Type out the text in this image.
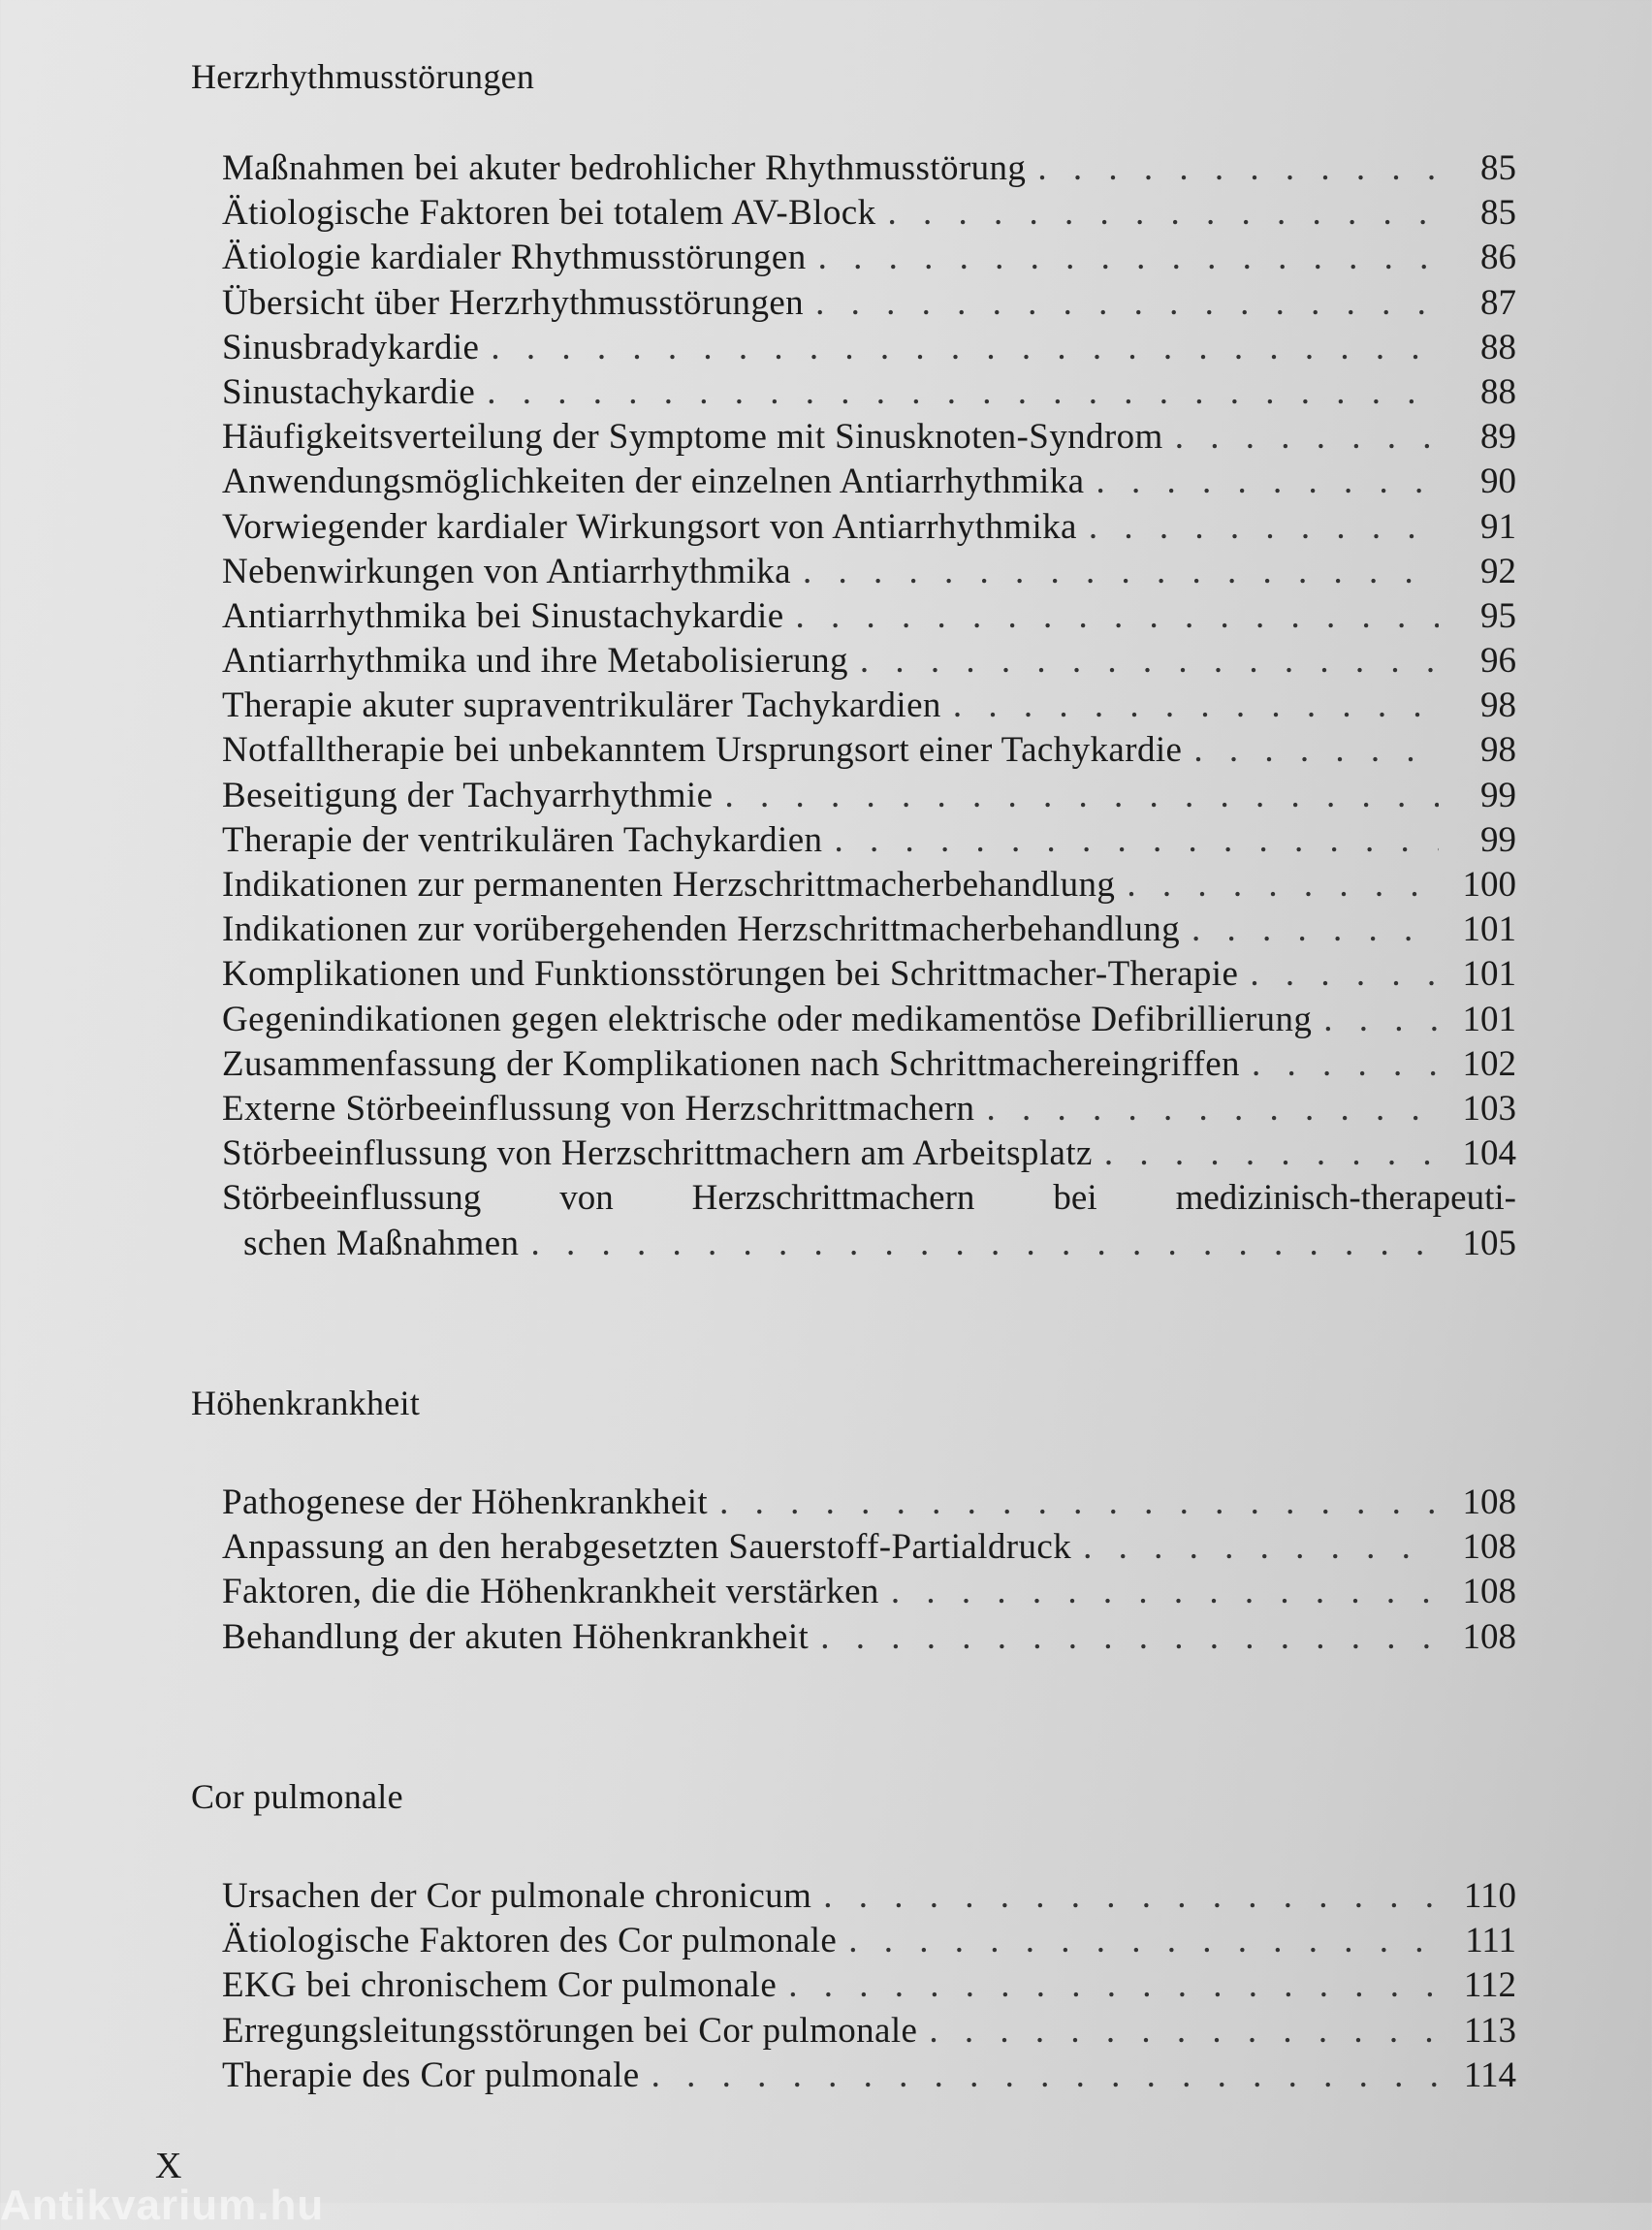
Herzrhythmusstörungen
Maßnahmen bei akuter bedrohlicher Rhythmusstörung . . .	85
Ätiologische Faktoren bei totalem AV-Block . . .	85
Ätiologie kardialer Rhythmusstörungen . . .	86
Übersicht über Herzrhythmusstörungen . . .	87
Sinusbradykardie . . .	88
Sinustachykardie . . .	88
Häufigkeitsverteilung der Symptome mit Sinusknoten-Syndrom . . .	89
Anwendungsmöglichkeiten der einzelnen Antiarrhythmika . . .	90
Vorwiegender kardialer Wirkungsort von Antiarrhythmika . . .	91
Nebenwirkungen von Antiarrhythmika . . .	92
Antiarrhythmika bei Sinustachykardie . . .	95
Antiarrhythmika und ihre Metabolisierung . . .	96
Therapie akuter supraventrikulärer Tachykardien . . .	98
Notfalltherapie bei unbekanntem Ursprungsort einer Tachykardie . . .	98
Beseitigung der Tachyarrhythmie . . .	99
Therapie der ventrikulären Tachykardien . . .	99
Indikationen zur permanenten Herzschrittmacherbehandlung . . .	100
Indikationen zur vorübergehenden Herzschrittmacherbehandlung . . .	101
Komplikationen und Funktionsstörungen bei Schrittmacher-Therapie . . .	101
Gegenindikationen gegen elektrische oder medikamentöse Defibrillierung . . .	101
Zusammenfassung der Komplikationen nach Schrittmachereingriffen . . .	102
Externe Störbeeinflussung von Herzschrittmachern . . .	103
Störbeeinflussung von Herzschrittmachern am Arbeitsplatz . . .	104
Störbeeinflussung von Herzschrittmachern bei medizinisch-therapeuti-
schen Maßnahmen . . .	105
Höhenkrankheit
Pathogenese der Höhenkrankheit . . .	108
Anpassung an den herabgesetzten Sauerstoff-Partialdruck . . .	108
Faktoren, die die Höhenkrankheit verstärken . . .	108
Behandlung der akuten Höhenkrankheit . . .	108
Cor pulmonale
Ursachen der Cor pulmonale chronicum . . .	110
Ätiologische Faktoren des Cor pulmonale . . .	111
EKG bei chronischem Cor pulmonale . . .	112
Erregungsleitungsstörungen bei Cor pulmonale . . .	113
Therapie des Cor pulmonale . . .	114
X
Antikvarium.hu
